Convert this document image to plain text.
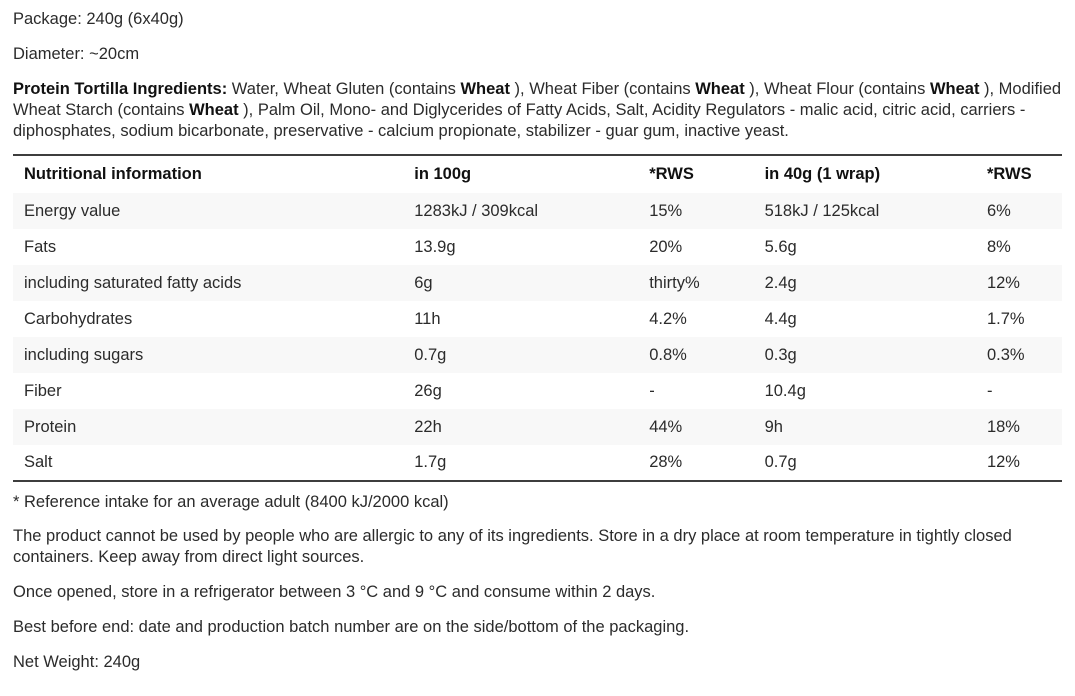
Package: 240g (6x40g)

Diameter: ~20cm

Protein Tortilla Ingredients: Water, Wheat Gluten (contains Wheat ), Wheat Fiber (contains Wheat ), Wheat Flour (contains Wheat ), Modified Wheat Starch (contains Wheat ), Palm Oil, Mono- and Diglycerides of Fatty Acids, Salt, Acidity Regulators - malic acid, citric acid, carriers - diphosphates, sodium bicarbonate, preservative - calcium propionate, stabilizer - guar gum, inactive yeast.

Nutritional information	in 100g	*RWS	in 40g (1 wrap)	*RWS
Energy value	1283kJ / 309kcal	15%	518kJ / 125kcal	6%
Fats	13.9g	20%	5.6g	8%
including saturated fatty acids	6g	thirty%	2.4g	12%
Carbohydrates	11h	4.2%	4.4g	1.7%
including sugars	0.7g	0.8%	0.3g	0.3%
Fiber	26g	-	10.4g	-
Protein	22h	44%	9h	18%
Salt	1.7g	28%	0.7g	12%

* Reference intake for an average adult (8400 kJ/2000 kcal)

The product cannot be used by people who are allergic to any of its ingredients. Store in a dry place at room temperature in tightly closed containers. Keep away from direct light sources.

Once opened, store in a refrigerator between 3 °C and 9 °C and consume within 2 days.

Best before end: date and production batch number are on the side/bottom of the packaging.

Net Weight: 240g
